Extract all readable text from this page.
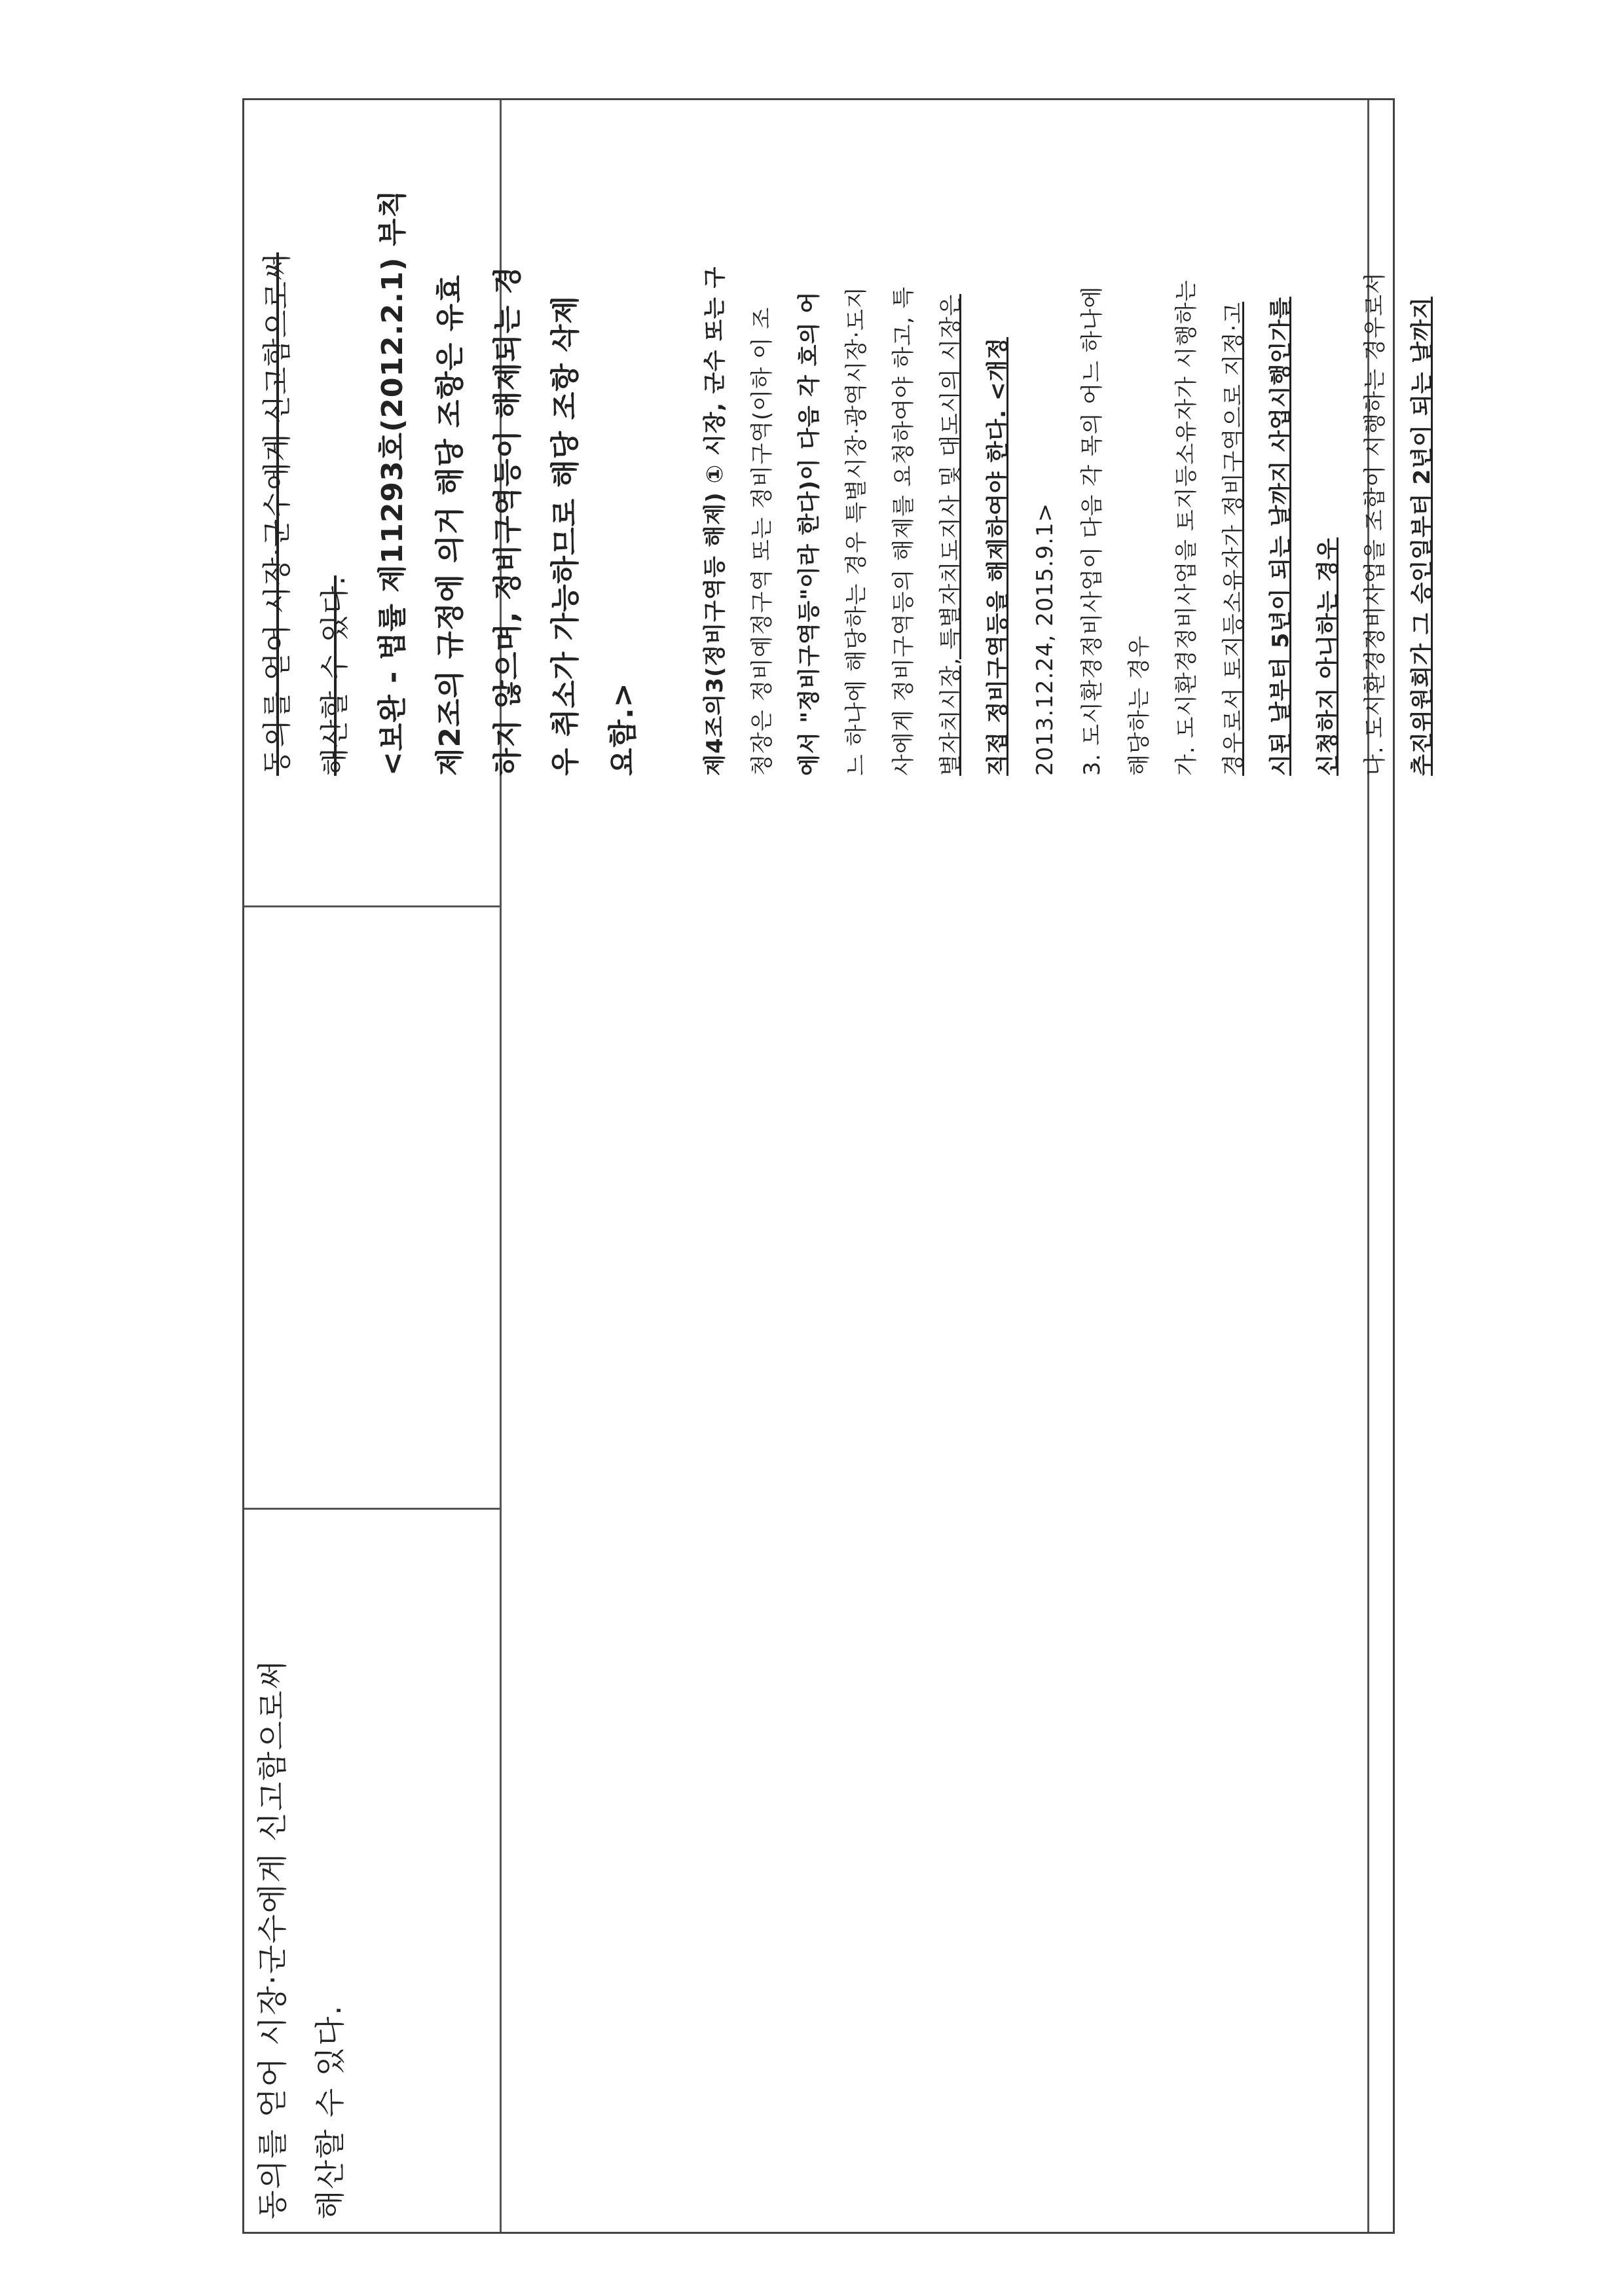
동의를 얻어 시장·군수에게 신고함으로써 해산할 수 있다.
동의를 얻어 시장·군수에게 신고함으로써 해산할 수 있다. <보완 - 법률 제11293호(2012.2.1) 부칙 제2조의 규정에 의거 해당 조항은 유효 하지 않으며, 정비구역등이 해제되는 경 우 취소가 가능하므로 해당 조항 삭제 요함.>	제4조의3(정비구역등 해제) ① 시장, 군수 또는 구 청장은 정비예정구역 또는 정비구역(이하 이 조 에서 "정비구역등"이라 한다)이 다음 각 호의 어 느 하나에 해당하는 경우 특별시장·광역시장·도지 사에게 정비구역등의 해제를 요청하여야 하고, 특 별자치시장, 특별자치도지사 및 대도시의 시장은 직접 정비구역등을 해제하여야 한다. <개정 2013.12.24, 2015.9.1> 3. 도시환경정비사업이 다음 각 목의 어느 하나에 해당하는 경우 가. 도시환경정비사업을 토지등소유자가 시행하는 경우로서 토지등소유자가 정비구역으로 지정·고 시된 날부터 5년이 되는 날까지 사업시행인가를 신청하지 아니하는 경우 나. 도시환경정비사업을 조합이 시행하는 경우로서 추진위원회가 그 승인일부터 2년이 되는 날까지
